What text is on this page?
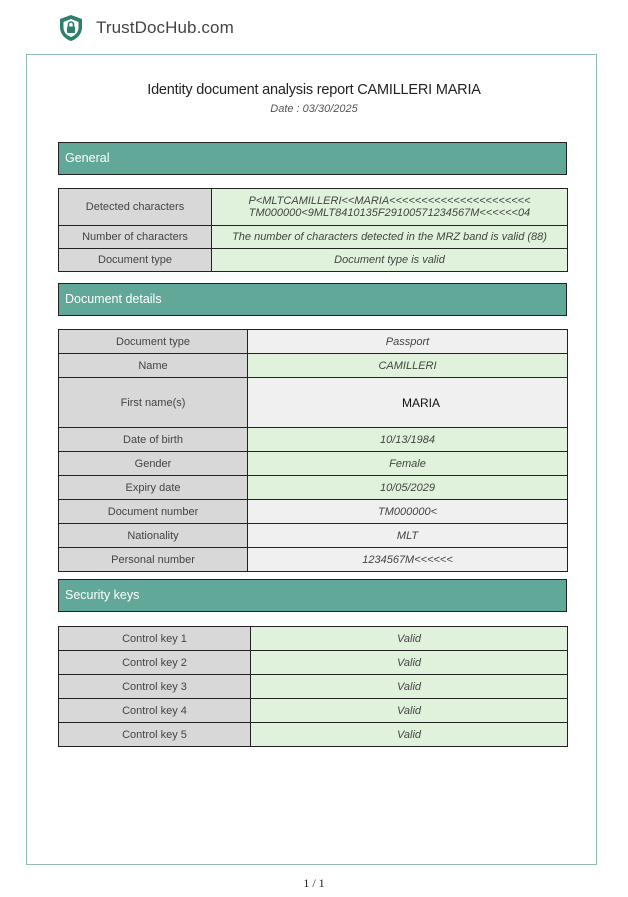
TrustDocHub.com
Identity document analysis report CAMILLERI MARIA
Date : 03/30/2025
General
Detected characters	P<MLTCAMILLERI<<MARIA<<<<<<<<<<<<<<<<<<<<<<
TM000000<9MLT8410135F29100571234567M<<<<<<04

Number of characters	The number of characters detected in the MRZ band is valid (88)
Document type	Document type is valid
Document details
Document type	Passport
Name	CAMILLERI
First name(s)	MARIA
Date of birth	10/13/1984
Gender	Female
Expiry date	10/05/2029
Document number	TM000000<
Nationality	MLT
Personal number	1234567M<<<<<<
Security keys
Control key 1	Valid
Control key 2	Valid
Control key 3	Valid
Control key 4	Valid
Control key 5	Valid
1 / 1
